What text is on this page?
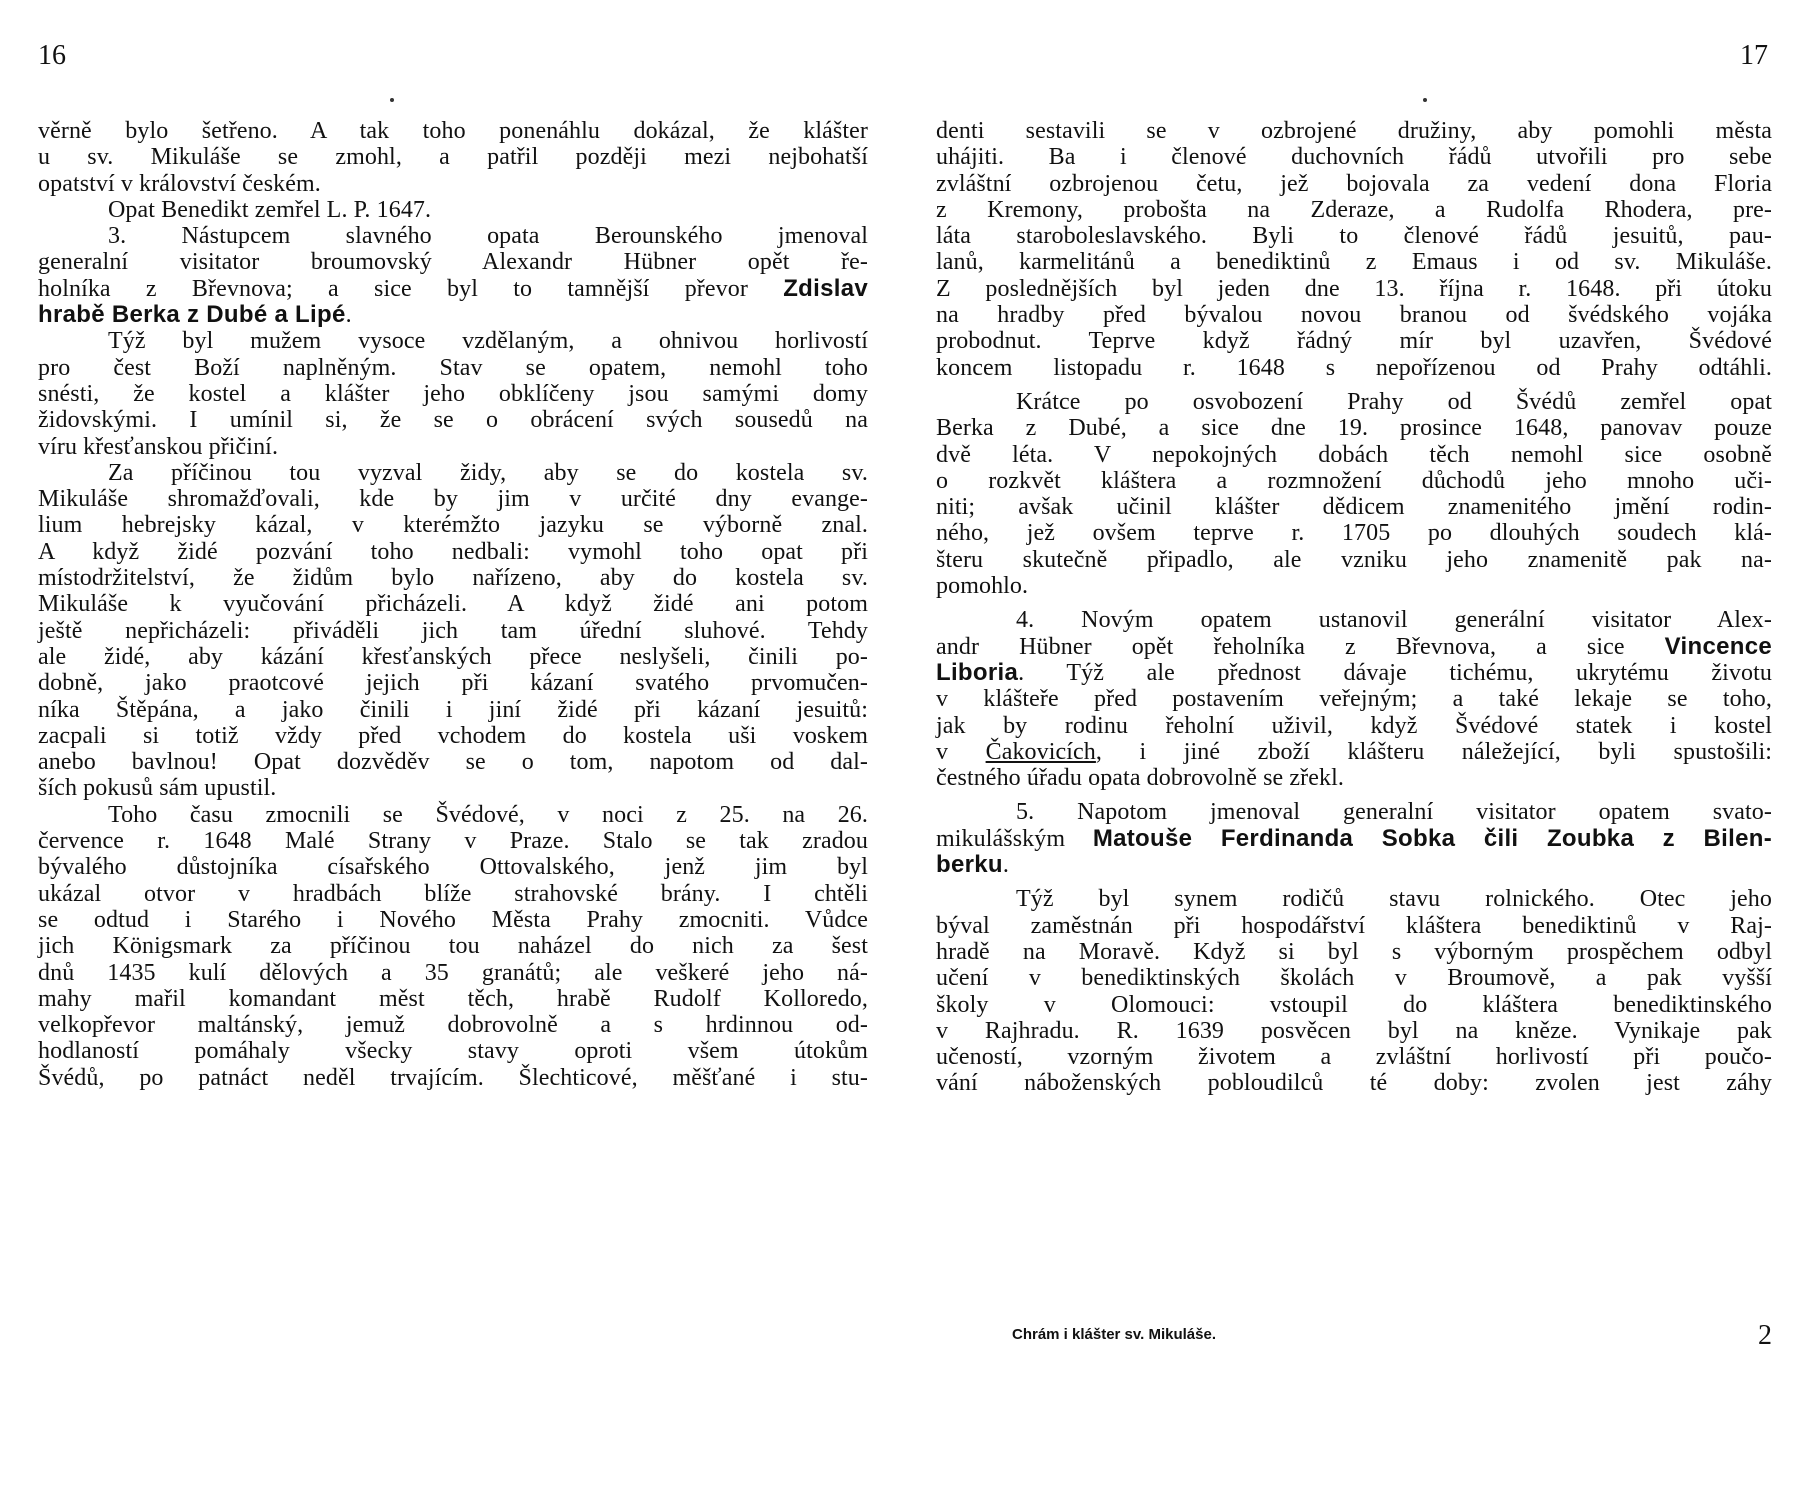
16
věrně bylo šetřeno. A tak toho ponenáhlu dokázal, že klášter
u sv. Mikuláše se zmohl, a patřil později mezi nejbohatší
opatství v království českém.
Opat Benedikt zemřel L. P. 1647.
3. Nástupcem slavného opata Berounského jmenoval
generalní visitator broumovský Alexandr Hübner opět ře-
holníka z Břevnova; a sice byl to tamnější převor Zdislav
hrabě Berka z Dubé a Lipé.
Týž byl mužem vysoce vzdělaným, a ohnivou horlivostí
pro čest Boží naplněným. Stav se opatem, nemohl toho
snésti, že kostel a klášter jeho obklíčeny jsou samými domy
židovskými. I umínil si, že se o obrácení svých sousedů na
víru křesťanskou přičiní.
Za příčinou tou vyzval židy, aby se do kostela sv.
Mikuláše shromažďovali, kde by jim v určité dny evange-
lium hebrejsky kázal, v kterémžto jazyku se výborně znal.
A když židé pozvání toho nedbali: vymohl toho opat při
místodržitelství, že židům bylo nařízeno, aby do kostela sv.
Mikuláše k vyučování přicházeli. A když židé ani potom
ještě nepřicházeli: přiváděli jich tam úřední sluhové. Tehdy
ale židé, aby kázání křesťanských přece neslyšeli, činili po-
dobně, jako praotcové jejich při kázaní svatého prvomučen-
níka Štěpána, a jako činili i jiní židé při kázaní jesuitů:
zacpali si totiž vždy před vchodem do kostela uši voskem
anebo bavlnou! Opat dozvěděv se o tom, napotom od dal-
ších pokusů sám upustil.
Toho času zmocnili se Švédové, v noci z 25. na 26.
července r. 1648 Malé Strany v Praze. Stalo se tak zradou
bývalého důstojníka císařského Ottovalského, jenž jim byl
ukázal otvor v hradbách blíže strahovské brány. I chtěli
se odtud i Starého i Nového Města Prahy zmocniti. Vůdce
jich Königsmark za příčinou tou naházel do nich za šest
dnů 1435 kulí dělových a 35 granátů; ale veškeré jeho ná-
mahy mařil komandant měst těch, hrabě Rudolf Kolloredo,
velkopřevor maltánský, jemuž dobrovolně a s hrdinnou od-
hodlaností pomáhaly všecky stavy oproti všem útokům
Švédů, po patnáct neděl trvajícím. Šlechticové, měšťané i stu-
17
denti sestavili se v ozbrojené družiny, aby pomohli města
uhájiti. Ba i členové duchovních řádů utvořili pro sebe
zvláštní ozbrojenou četu, jež bojovala za vedení dona Floria
z Kremony, probošta na Zderaze, a Rudolfa Rhodera, pre-
láta staroboleslavského. Byli to členové řádů jesuitů, pau-
lanů, karmelitánů a benediktinů z Emaus i od sv. Mikuláše.
Z poslednějších byl jeden dne 13. října r. 1648. při útoku
na hradby před bývalou novou branou od švédského vojáka
probodnut. Teprve když řádný mír byl uzavřen, Švédové
koncem listopadu r. 1648 s nepořízenou od Prahy odtáhli.
Krátce po osvobození Prahy od Švédů zemřel opat
Berka z Dubé, a sice dne 19. prosince 1648, panovav pouze
dvě léta. V nepokojných dobách těch nemohl sice osobně
o rozkvět kláštera a rozmnožení důchodů jeho mnoho uči-
niti; avšak učinil klášter dědicem znamenitého jmění rodin-
ného, jež ovšem teprve r. 1705 po dlouhých soudech klá-
šteru skutečně připadlo, ale vzniku jeho znamenitě pak na-
pomohlo.
4. Novým opatem ustanovil generální visitator Alex-
andr Hübner opět řeholníka z Břevnova, a sice Vincence
Liboria. Týž ale přednost dávaje tichému, ukrytému životu
v klášteře před postavením veřejným; a také lekaje se toho,
jak by rodinu řeholní uživil, když Švédové statek i kostel
v Čakovicích, i jiné zboží klášteru náležející, byli spustošili:
čestného úřadu opata dobrovolně se zřekl.
5. Napotom jmenoval generalní visitator opatem svato-
mikulášským Matouše Ferdinanda Sobka čili Zoubka z Bilen-
berku.
Týž byl synem rodičů stavu rolnického. Otec jeho
býval zaměstnán při hospodářství kláštera benediktinů v Raj-
hradě na Moravě. Když si byl s výborným prospěchem odbyl
učení v benediktinských školách v Broumově, a pak vyšší
školy v Olomouci: vstoupil do kláštera benediktinského
v Rajhradu. R. 1639 posvěcen byl na kněze. Vynikaje pak
učeností, vzorným životem a zvláštní horlivostí při poučo-
vání náboženských pobloudilců té doby: zvolen jest záhy
Chrám i klášter sv. Mikuláše.	2
